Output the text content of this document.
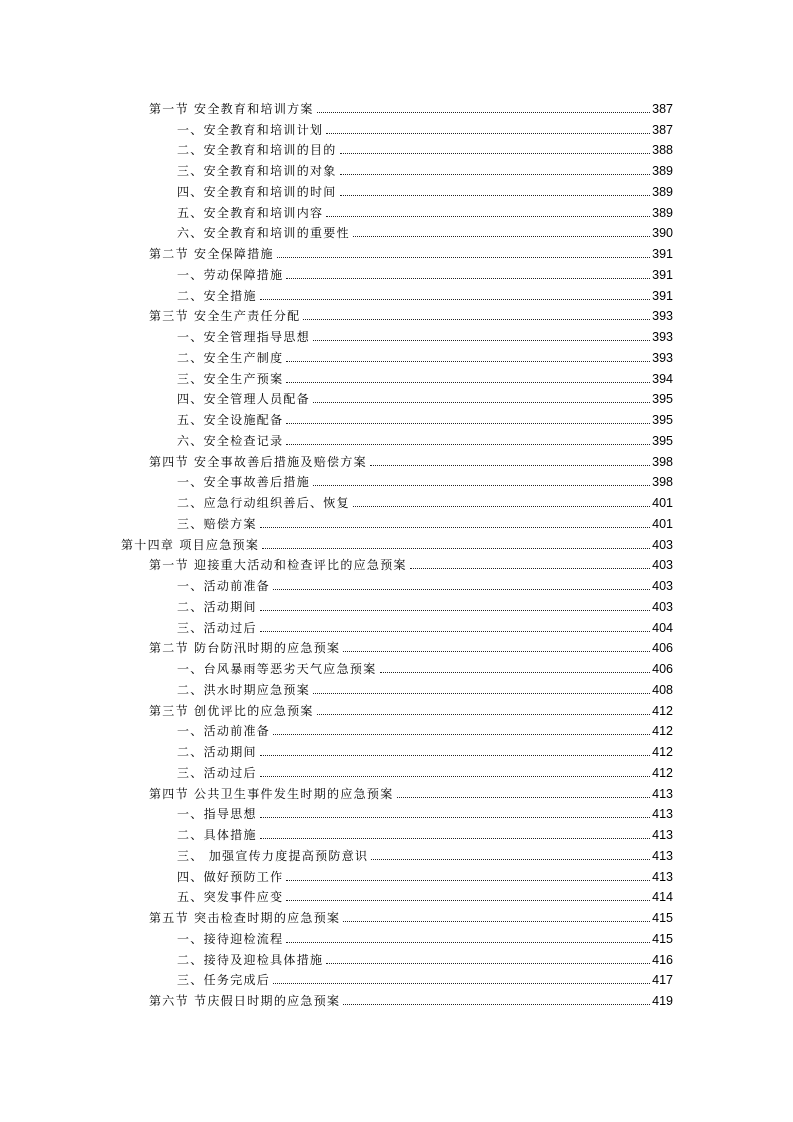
第一节 安全教育和培训方案	387
一、安全教育和培训计划	387
二、安全教育和培训的目的	388
三、安全教育和培训的对象	389
四、安全教育和培训的时间	389
五、安全教育和培训内容	389
六、安全教育和培训的重要性	390
第二节 安全保障措施	391
一、劳动保障措施	391
二、安全措施	391
第三节 安全生产责任分配	393
一、安全管理指导思想	393
二、安全生产制度	393
三、安全生产预案	394
四、安全管理人员配备	395
五、安全设施配备	395
六、安全检查记录	395
第四节 安全事故善后措施及赔偿方案	398
一、安全事故善后措施	398
二、应急行动组织善后、恢复	401
三、赔偿方案	401
第十四章 项目应急预案	403
第一节 迎接重大活动和检查评比的应急预案	403
一、活动前准备	403
二、活动期间	403
三、活动过后	404
第二节 防台防汛时期的应急预案	406
一、台风暴雨等恶劣天气应急预案	406
二、洪水时期应急预案	408
第三节 创优评比的应急预案	412
一、活动前准备	412
二、活动期间	412
三、活动过后	412
第四节 公共卫生事件发生时期的应急预案	413
一、指导思想	413
二、具体措施	413
三、 加强宣传力度提高预防意识	413
四、做好预防工作	413
五、突发事件应变	414
第五节 突击检查时期的应急预案	415
一、接待迎检流程	415
二、接待及迎检具体措施	416
三、任务完成后	417
第六节 节庆假日时期的应急预案	419
